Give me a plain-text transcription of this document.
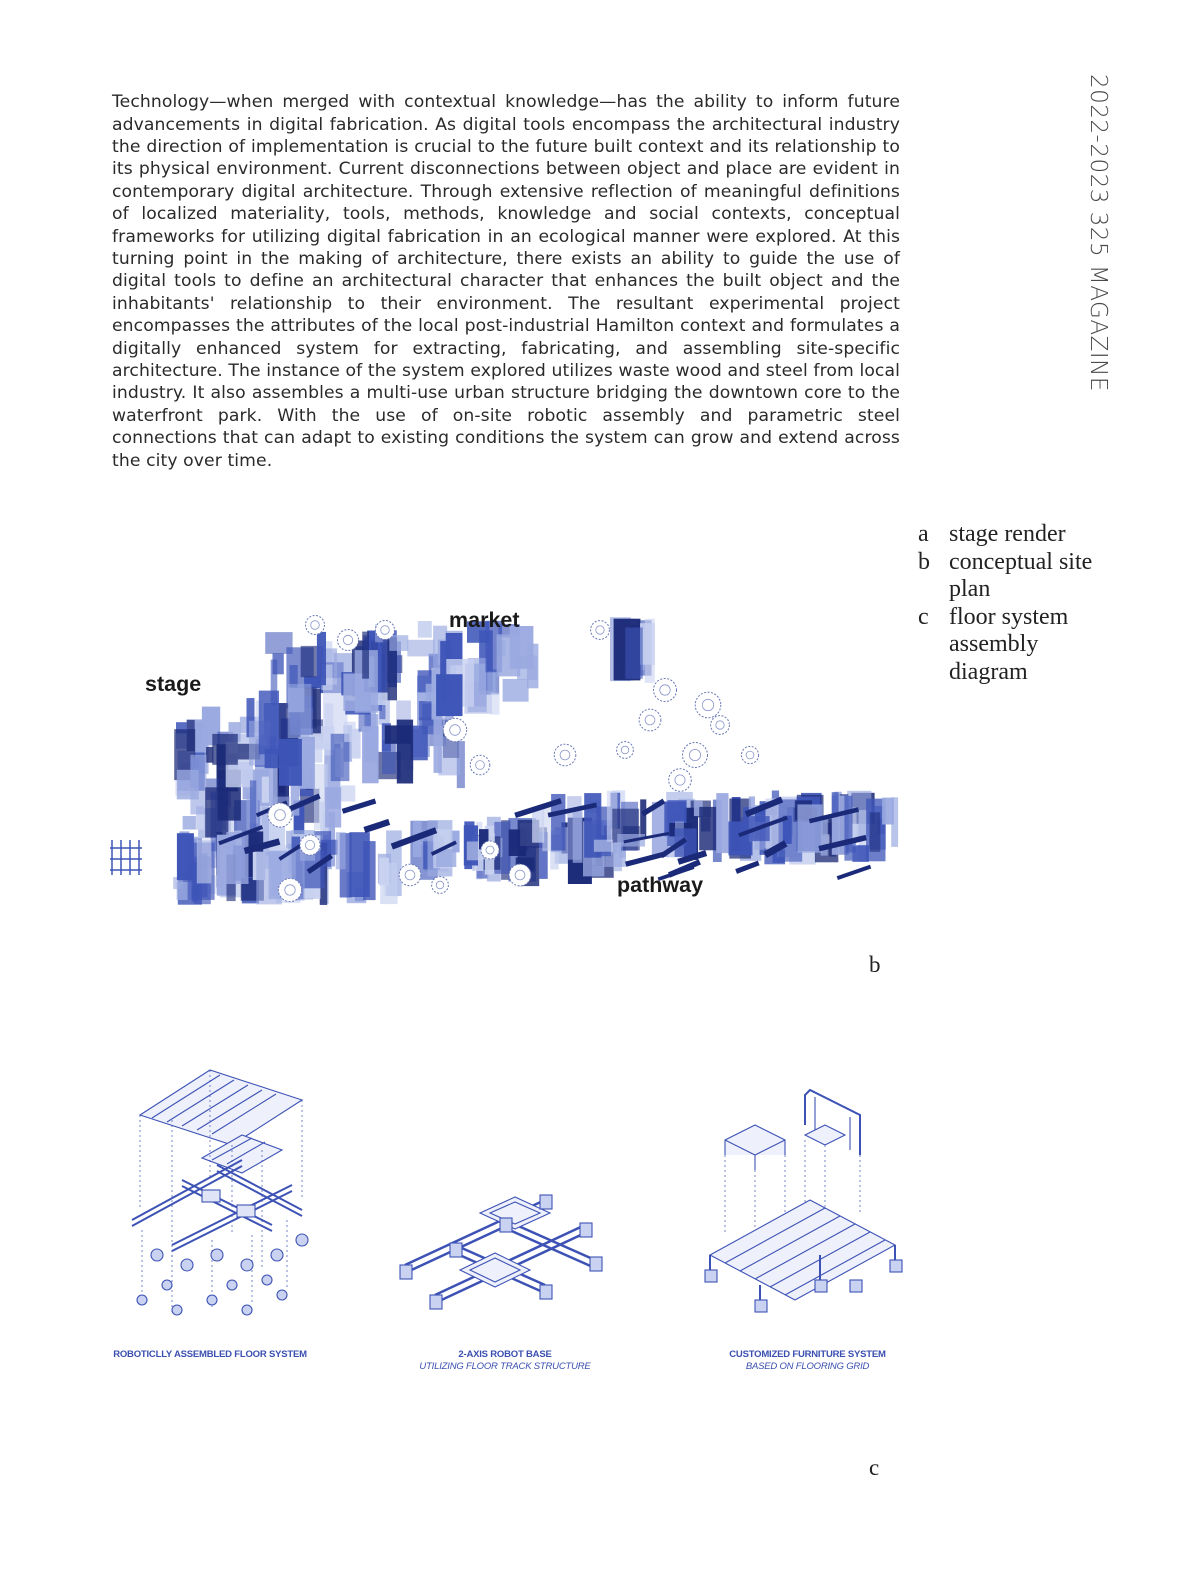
Technology—when merged with contextual knowledge—has the ability to inform future advancements in digital fabrication. As digital tools encompass the architectural industry the direction of implementation is crucial to the future built context and its relationship to its physical environment. Current disconnections between object and place are evident in contemporary digital architecture. Through extensive reflection of meaningful definitions of localized materiality, tools, methods, knowledge and social contexts, conceptual frameworks for utilizing digital fabrication in an ecological manner were explored. At this turning point in the making of architecture, there exists an ability to guide the use of digital tools to define an architectural character that enhances the built object and the inhabitants' relationship to their environment. The resultant experimental project encompasses the attributes of the local post-industrial Hamilton context and formulates a digitally enhanced system for extracting, fabricating, and assembling site-specific architecture. The instance of the system explored utilizes waste wood and steel from local industry. It also assembles a multi-use urban structure bridging the downtown core to the waterfront park. With the use of on-site robotic assembly and parametric steel connections that can adapt to existing conditions the system can grow and extend across the city over time.

2022-2023 325 MAGAZINE
a stage render
b conceptual site plan
c floor system assembly diagram
market
stage
pathway
b
ROBOTICLLY ASSEMBLED FLOOR SYSTEM	2-AXIS ROBOT BASE
UTILIZING FLOOR TRACK STRUCTURE
CUSTOMIZED FURNITURE SYSTEM
BASED ON FLOORING GRID
c
